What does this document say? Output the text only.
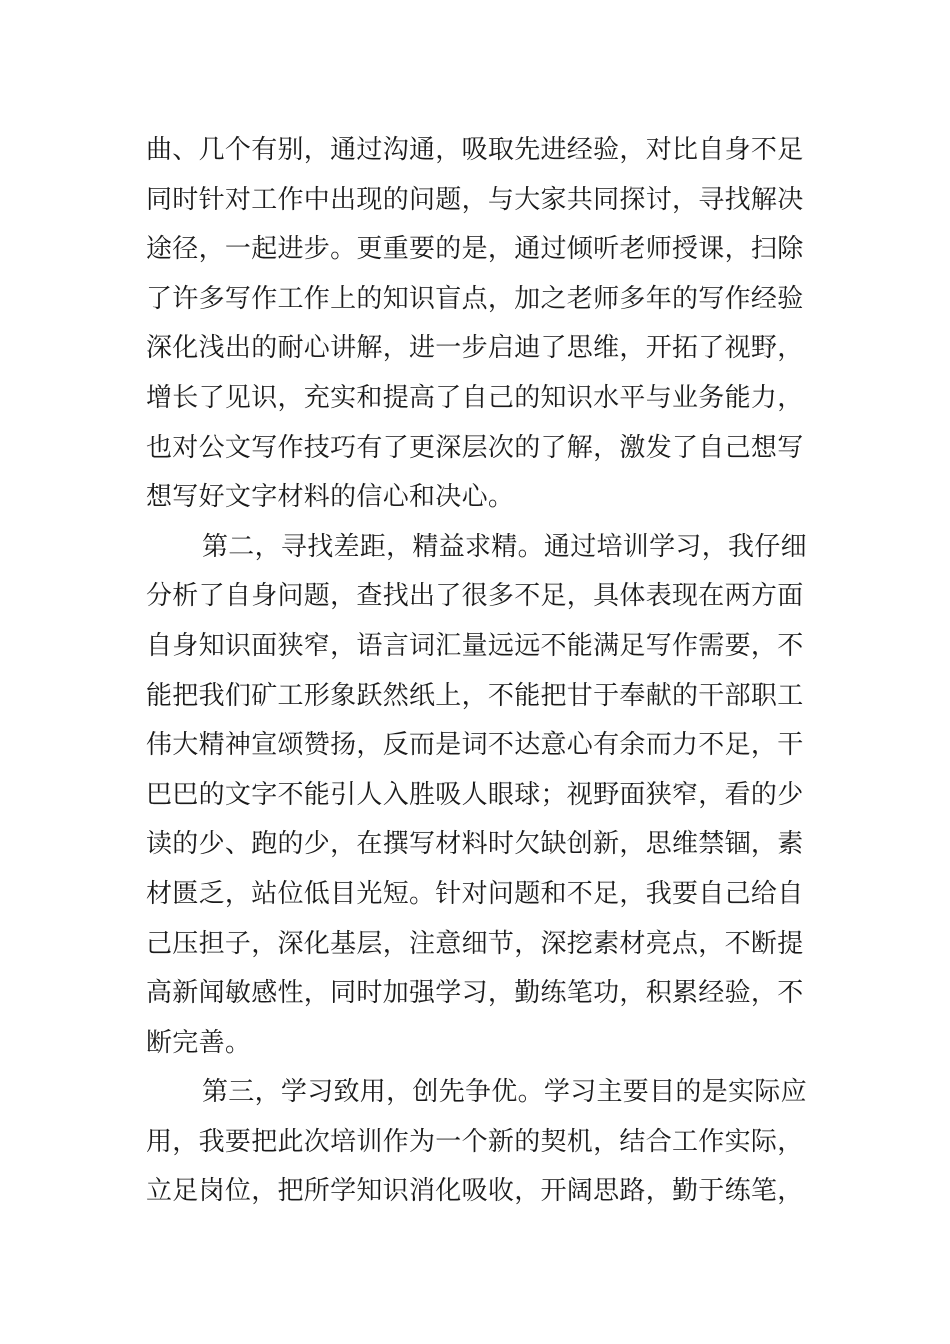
曲、几个有别，通过沟通，吸取先进经验，对比自身不足
同时针对工作中出现的问题，与大家共同探讨，寻找解决
途径，一起进步。更重要的是，通过倾听老师授课，扫除
了许多写作工作上的知识盲点，加之老师多年的写作经验
深化浅出的耐心讲解，进一步启迪了思维，开拓了视野，
增长了见识，充实和提高了自己的知识水平与业务能力，
也对公文写作技巧有了更深层次的了解，激发了自己想写
想写好文字材料的信心和决心。
第二，寻找差距，精益求精。通过培训学习，我仔细
分析了自身问题，查找出了很多不足，具体表现在两方面
自身知识面狭窄，语言词汇量远远不能满足写作需要，不
能把我们矿工形象跃然纸上，不能把甘于奉献的干部职工
伟大精神宣颂赞扬，反而是词不达意心有余而力不足，干
巴巴的文字不能引人入胜吸人眼球；视野面狭窄，看的少
读的少、跑的少，在撰写材料时欠缺创新，思维禁锢，素
材匮乏，站位低目光短。针对问题和不足，我要自己给自
己压担子，深化基层，注意细节，深挖素材亮点，不断提
高新闻敏感性，同时加强学习，勤练笔功，积累经验，不
断完善。
第三，学习致用，创先争优。学习主要目的是实际应
用，我要把此次培训作为一个新的契机，结合工作实际，
立足岗位，把所学知识消化吸收，开阔思路，勤于练笔，
